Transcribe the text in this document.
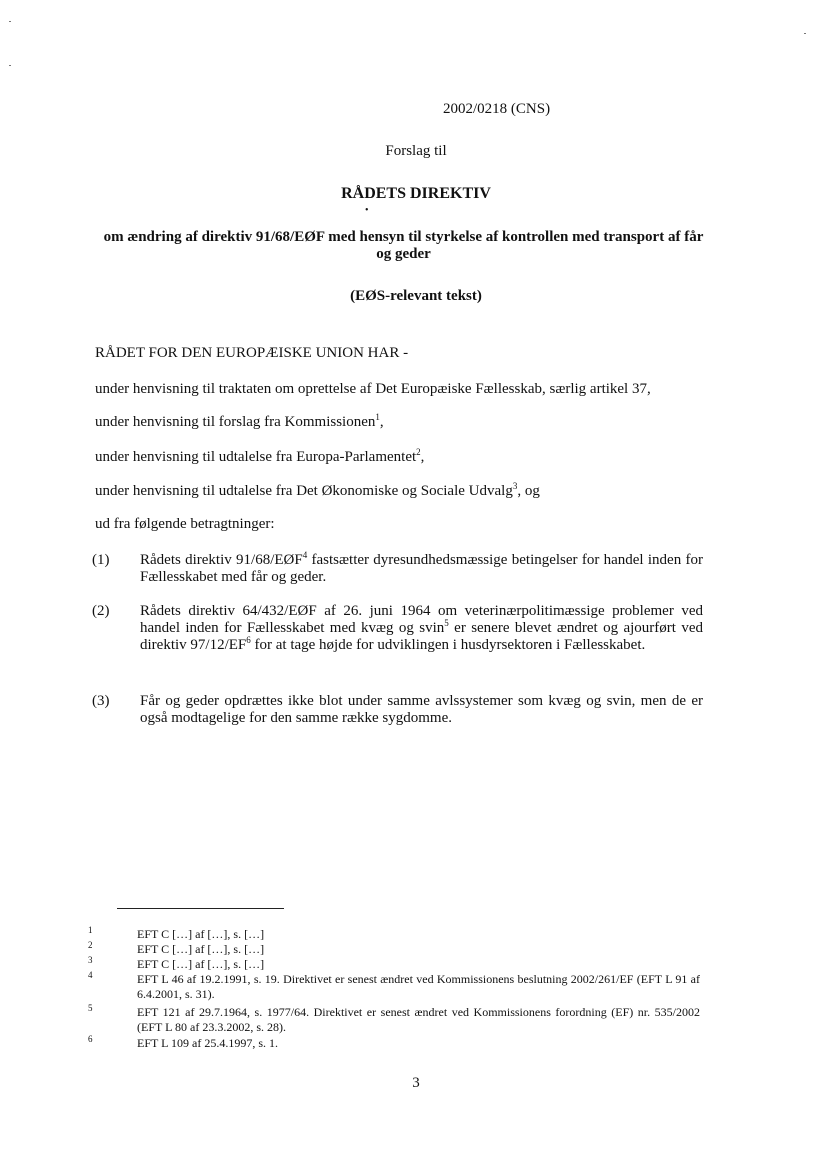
2002/0218 (CNS)
Forslag til
RÅDETS DIREKTIV
•
om ændring af direktiv 91/68/EØF med hensyn til styrkelse af kontrollen med transport af får og geder
(EØS-relevant tekst)
RÅDET FOR DEN EUROPÆISKE UNION HAR -
under henvisning til traktaten om oprettelse af Det Europæiske Fællesskab, særlig artikel 37,
under henvisning til forslag fra Kommissionen$^1$,
under henvisning til udtalelse fra Europa-Parlamentet$^2$,
under henvisning til udtalelse fra Det Økonomiske og Sociale Udvalg$^3$, og
ud fra følgende betragtninger:
(1) Rådets direktiv 91/68/EØF$^4$ fastsætter dyresundhedsmæssige betingelser for handel inden for Fællesskabet med får og geder.
(2) Rådets direktiv 64/432/EØF af 26. juni 1964 om veterinærpolitimæssige problemer ved handel inden for Fællesskabet med kvæg og svin$^5$ er senere blevet ændret og ajourført ved direktiv $97/12/EF^6$ for at tage højde for udviklingen i husdyrsektoren i Fællesskabet.
(3) Får og geder opdrættes ikke blot under samme avlssystemer som kvæg og svin, men de er også modtagelige for den samme række sygdomme.
1	EFT C […] af […], s. […]
2	EFT C […] af […], s. […]
3	EFT C […] af […], s. […]
4	EFT L 46 af 19.2.1991, s. 19. Direktivet er senest ændret ved Kommissionens beslutning 2002/261/EF (EFT L 91 af 6.4.2001, s. 31).
5	EFT 121 af 29.7.1964, s. 1977/64. Direktivet er senest ændret ved Kommissionens forordning (EF) nr. 535/2002 (EFT L 80 af 23.3.2002, s. 28).
6	EFT L 109 af 25.4.1997, s. 1.
3
